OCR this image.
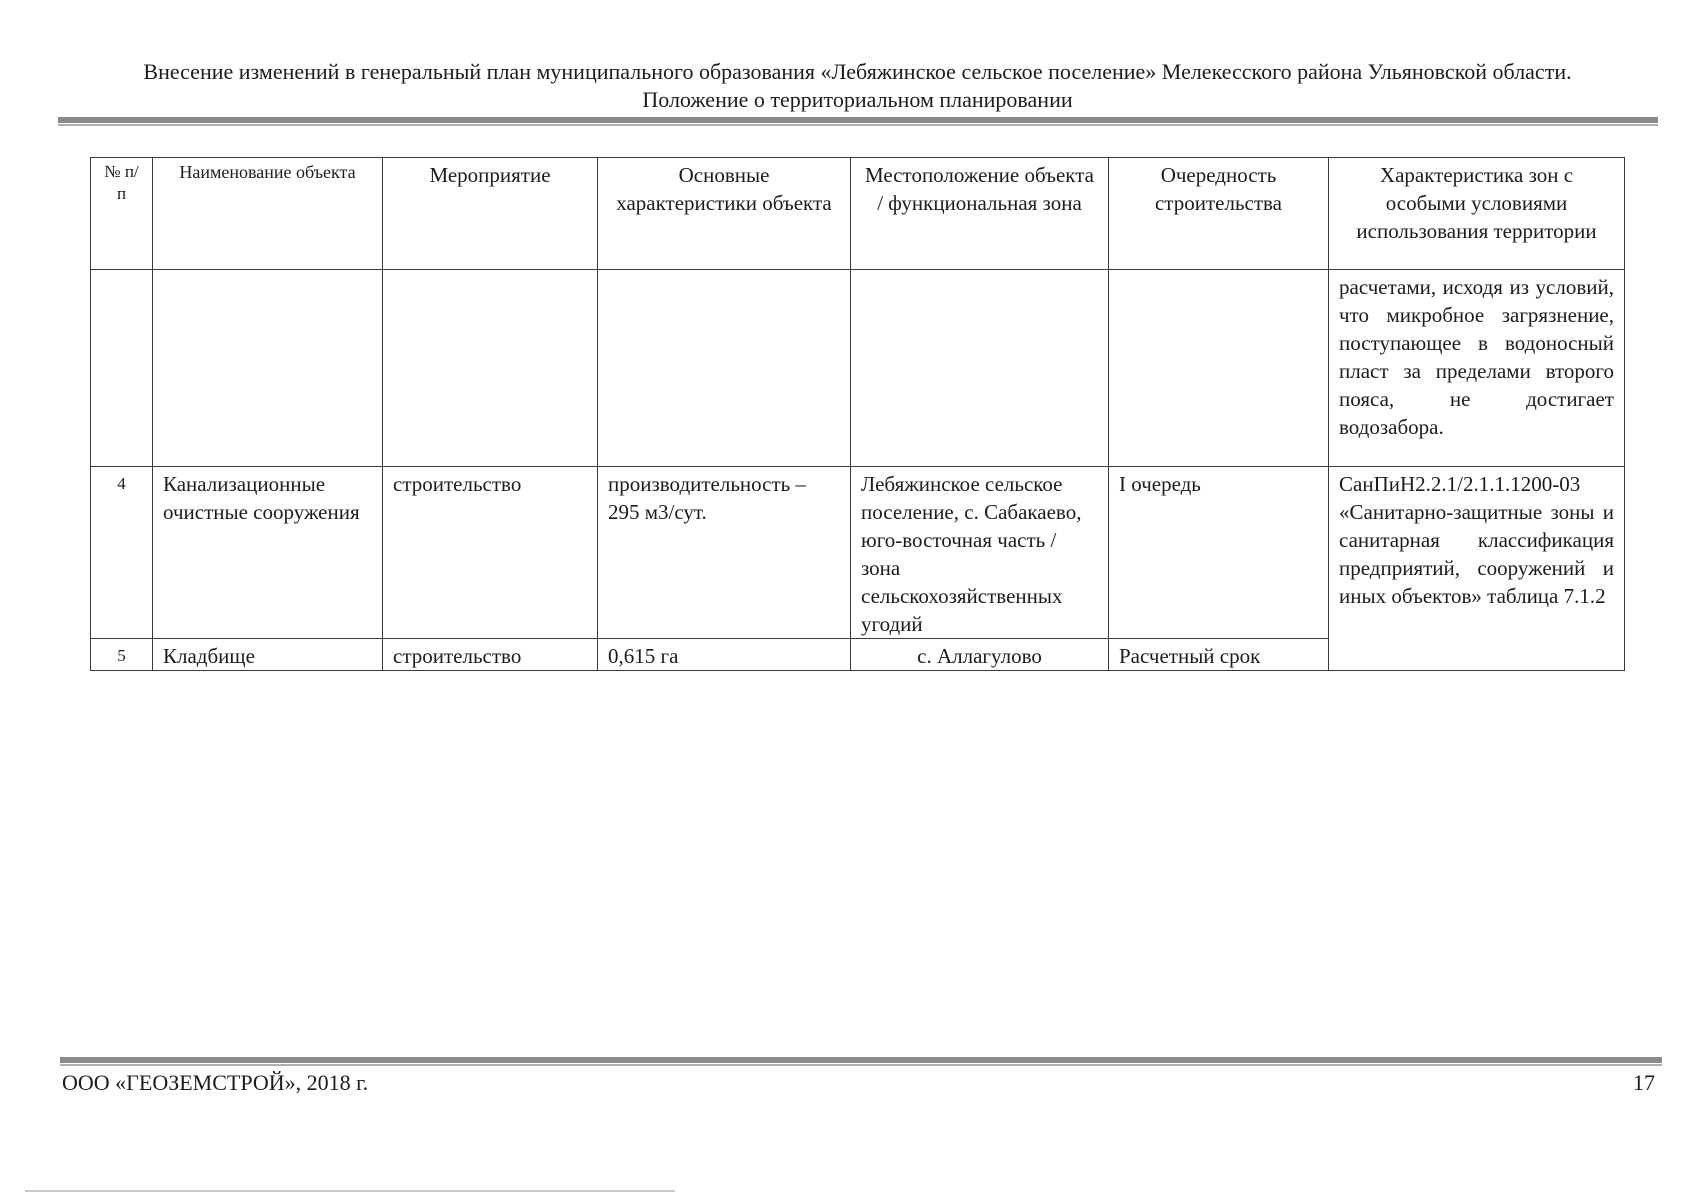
Внесение изменений в генеральный план муниципального образования «Лебяжинское сельское поселение» Мелекесского района Ульяновской области.
Положение о территориальном планировании
№ п/п	Наименование объекта	Мероприятие	Основные характеристики объекта	Местоположение объекта / функциональная зона	Очередность строительства	Характеристика зон с особыми условиями использования территории
						расчетами, исходя из условий, что микробное загрязнение, поступающее в водоносный пласт за пределами второго пояса, не достигает водозабора.
4	Канализационные очистные сооружения	строительство	производительность – 295 м3/сут.	Лебяжинское сельское поселение, с. Сабакаево, юго-восточная часть / зона сельскохозяйственных угодий	I очередь	СанПиН2.2.1/2.1.1.1200-03 «Санитарно-защитные зоны и санитарная классификация предприятий, сооружений и иных объектов» таблица 7.1.2
5	Кладбище	строительство	0,615 га	с. Аллагулово	Расчетный срок	
ООО «ГЕОЗЕМСТРОЙ», 2018 г.	17
